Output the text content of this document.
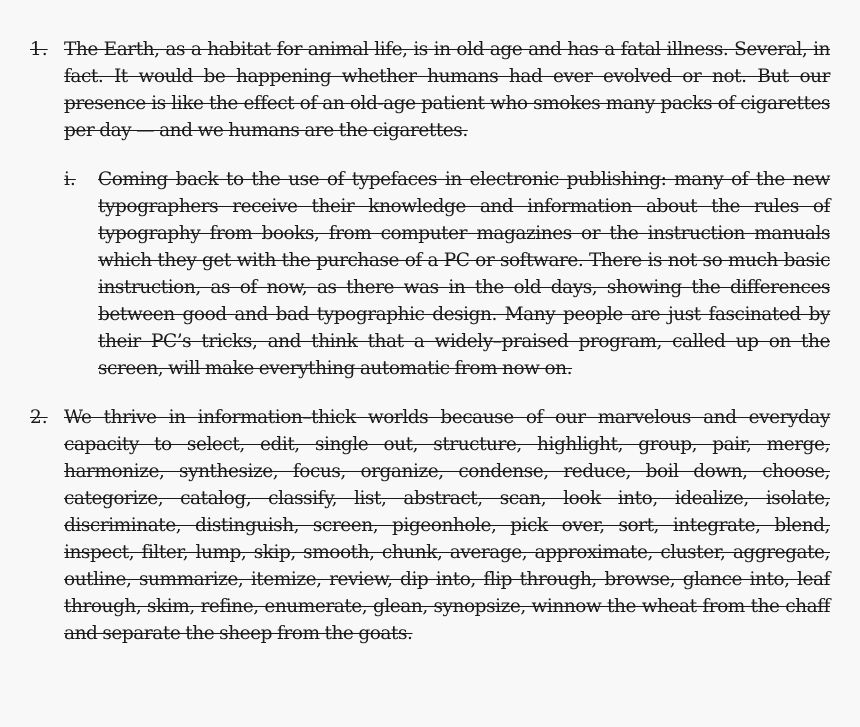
1. The Earth, as a habitat for animal life, is in old age and has a fatal illness. Several, in fact. It would be happening whether humans had ever evolved or not. But our presence is like the effect of an old-age patient who smokes many packs of cigarettes per day — and we humans are the cigarettes.

i.	Coming back to the use of typefaces in electronic publishing: many of the new typographers receive their knowledge and information about the rules of typography from books, from computer magazines or the instruction manuals which they get with the purchase of a PC or software. There is not so much basic instruction, as of now, as there was in the old days, showing the differences between good and bad typographic design. Many people are just fascinated by their PC’s tricks, and think that a widely–praised program, called up on the screen, will make everything automatic from now on.

2. We thrive in information–thick worlds because of our marvelous and everyday capacity to select, edit, single out, structure, highlight, group, pair, merge, harmonize, synthesize, focus, organize, condense, reduce, boil down, choose, categorize, catalog, classify, list, abstract, scan, look into, idealize, isolate, discriminate, distinguish, screen, pigeonhole, pick over, sort, integrate, blend, inspect, filter, lump, skip, smooth, chunk, average, approximate, cluster, aggregate, outline, summarize, itemize, review, dip into, flip through, browse, glance into, leaf through, skim, refine, enumerate, glean, synopsize, winnow the wheat from the chaff and separate the sheep from the goats.
